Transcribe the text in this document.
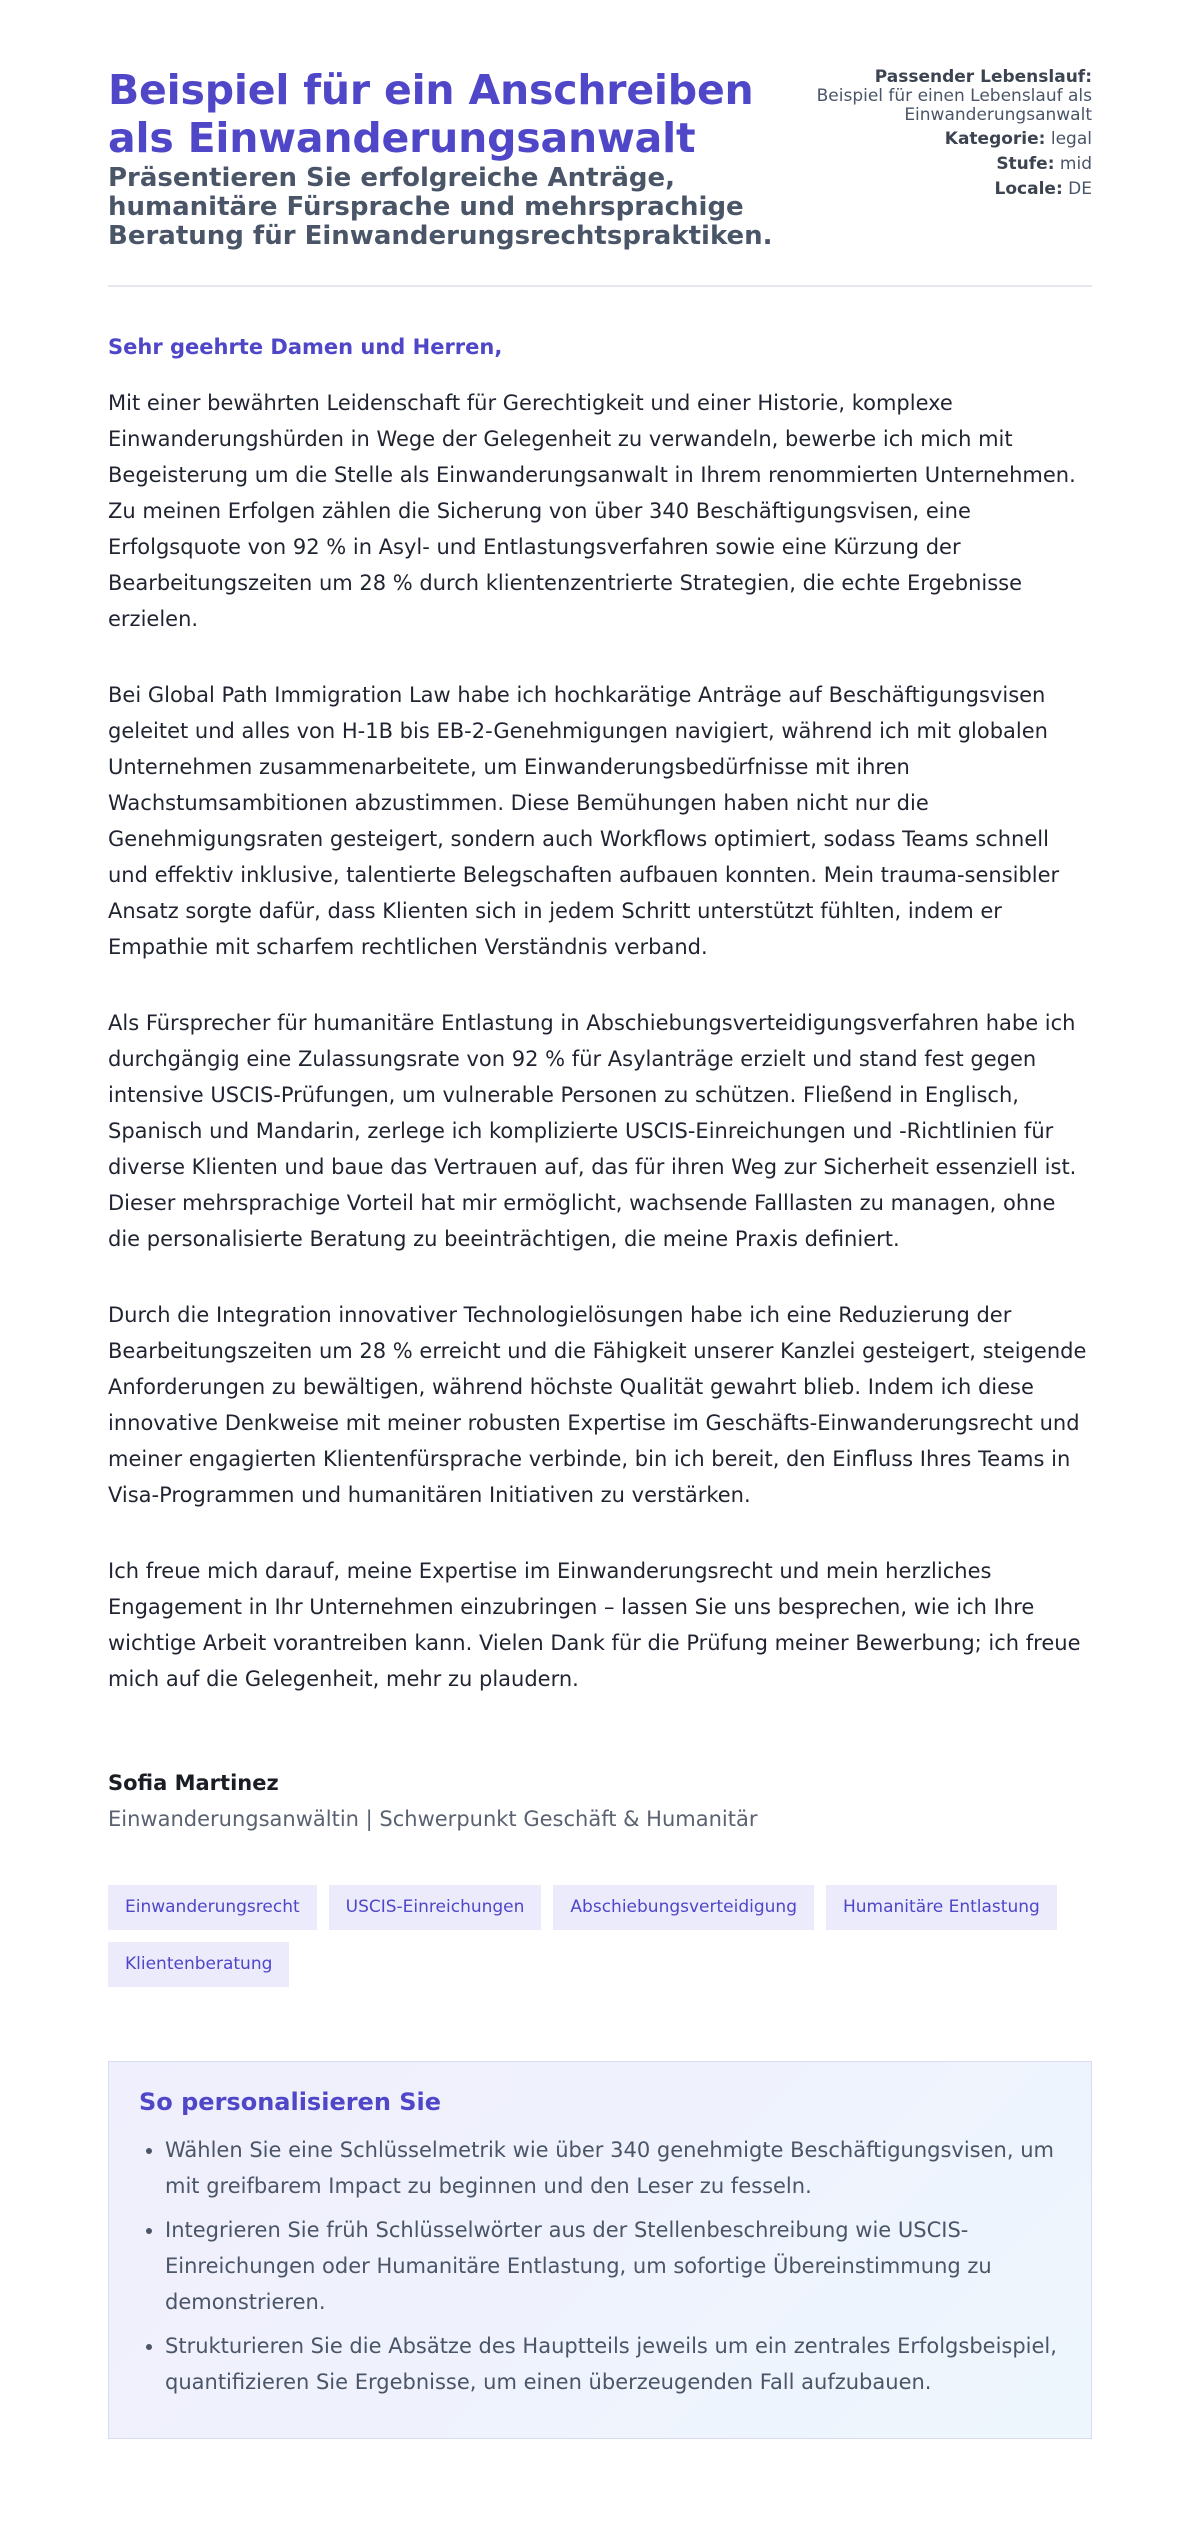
Beispiel für ein Anschreiben als Einwanderungsanwalt
Präsentieren Sie erfolgreiche Anträge, humanitäre Fürsprache und mehrsprachige Beratung für Einwanderungsrechtspraktiken.
Passender Lebenslauf:
Beispiel für einen Lebenslauf als Einwanderungsanwalt
Kategorie: legal
Stufe: mid
Locale: DE

Sehr geehrte Damen und Herren,

Mit einer bewährten Leidenschaft für Gerechtigkeit und einer Historie, komplexe Einwanderungshürden in Wege der Gelegenheit zu verwandeln, bewerbe ich mich mit Begeisterung um die Stelle als Einwanderungsanwalt in Ihrem renommierten Unternehmen. Zu meinen Erfolgen zählen die Sicherung von über 340 Beschäftigungsvisen, eine Erfolgsquote von 92 % in Asyl- und Entlastungsverfahren sowie eine Kürzung der Bearbeitungszeiten um 28 % durch klientenzentrierte Strategien, die echte Ergebnisse erzielen.

Bei Global Path Immigration Law habe ich hochkarätige Anträge auf Beschäftigungsvisen geleitet und alles von H-1B bis EB-2-Genehmigungen navigiert, während ich mit globalen Unternehmen zusammenarbeitete, um Einwanderungsbedürfnisse mit ihren Wachstumsambitionen abzustimmen. Diese Bemühungen haben nicht nur die Genehmigungsraten gesteigert, sondern auch Workflows optimiert, sodass Teams schnell und effektiv inklusive, talentierte Belegschaften aufbauen konnten. Mein trauma-sensibler Ansatz sorgte dafür, dass Klienten sich in jedem Schritt unterstützt fühlten, indem er Empathie mit scharfem rechtlichen Verständnis verband.

Als Fürsprecher für humanitäre Entlastung in Abschiebungsverteidigungsverfahren habe ich durchgängig eine Zulassungsrate von 92 % für Asylanträge erzielt und stand fest gegen intensive USCIS-Prüfungen, um vulnerable Personen zu schützen. Fließend in Englisch, Spanisch und Mandarin, zerlege ich komplizierte USCIS-Einreichungen und -Richtlinien für diverse Klienten und baue das Vertrauen auf, das für ihren Weg zur Sicherheit essenziell ist. Dieser mehrsprachige Vorteil hat mir ermöglicht, wachsende Falllasten zu managen, ohne die personalisierte Beratung zu beeinträchtigen, die meine Praxis definiert.

Durch die Integration innovativer Technologielösungen habe ich eine Reduzierung der Bearbeitungszeiten um 28 % erreicht und die Fähigkeit unserer Kanzlei gesteigert, steigende Anforderungen zu bewältigen, während höchste Qualität gewahrt blieb. Indem ich diese innovative Denkweise mit meiner robusten Expertise im Geschäfts-Einwanderungsrecht und meiner engagierten Klientenfürsprache verbinde, bin ich bereit, den Einfluss Ihres Teams in Visa-Programmen und humanitären Initiativen zu verstärken.

Ich freue mich darauf, meine Expertise im Einwanderungsrecht und mein herzliches Engagement in Ihr Unternehmen einzubringen – lassen Sie uns besprechen, wie ich Ihre wichtige Arbeit vorantreiben kann. Vielen Dank für die Prüfung meiner Bewerbung; ich freue mich auf die Gelegenheit, mehr zu plaudern.

Sofia Martinez

Einwanderungsanwältin | Schwerpunkt Geschäft & Humanitär

Einwanderungsrecht	USCIS-Einreichungen	Abschiebungsverteidigung	Humanitäre Entlastung
Klientenberatung
So personalisieren Sie
• Wählen Sie eine Schlüsselmetrik wie über 340 genehmigte Beschäftigungsvisen, um mit greifbarem Impact zu beginnen und den Leser zu fesseln.
• Integrieren Sie früh Schlüsselwörter aus der Stellenbeschreibung wie USCIS-Einreichungen oder Humanitäre Entlastung, um sofortige Übereinstimmung zu demonstrieren.
• Strukturieren Sie die Absätze des Hauptteils jeweils um ein zentrales Erfolgsbeispiel, quantifizieren Sie Ergebnisse, um einen überzeugenden Fall aufzubauen.
